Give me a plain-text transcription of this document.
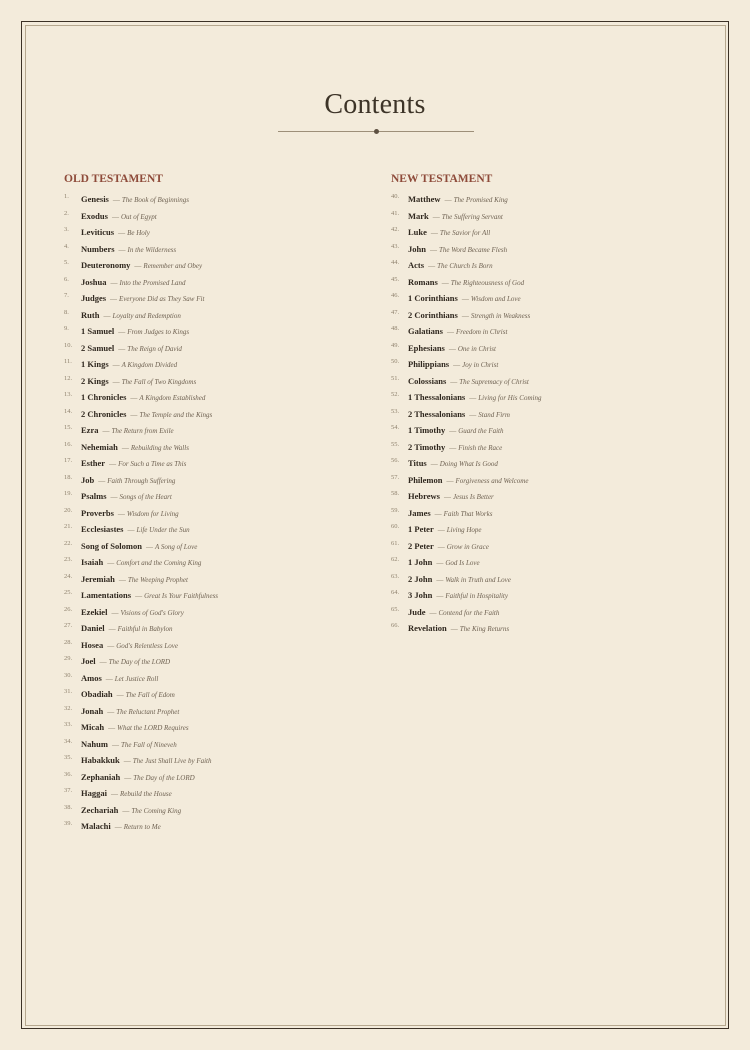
Contents
OLD TESTAMENT
1. Genesis — The Book of Beginnings
2. Exodus — Out of Egypt
3. Leviticus — Be Holy
4. Numbers — In the Wilderness
5. Deuteronomy — Remember and Obey
6. Joshua — Into the Promised Land
7. Judges — Everyone Did as They Saw Fit
8. Ruth — Loyalty and Redemption
9. 1 Samuel — From Judges to Kings
10. 2 Samuel — The Reign of David
11. 1 Kings — A Kingdom Divided
12. 2 Kings — The Fall of Two Kingdoms
13. 1 Chronicles — A Kingdom Established
14. 2 Chronicles — The Temple and the Kings
15. Ezra — The Return from Exile
16. Nehemiah — Rebuilding the Walls
17. Esther — For Such a Time as This
18. Job — Faith Through Suffering
19. Psalms — Songs of the Heart
20. Proverbs — Wisdom for Living
21. Ecclesiastes — Life Under the Sun
22. Song of Solomon — A Song of Love
23. Isaiah — Comfort and the Coming King
24. Jeremiah — The Weeping Prophet
25. Lamentations — Great Is Your Faithfulness
26. Ezekiel — Visions of God's Glory
27. Daniel — Faithful in Babylon
28. Hosea — God's Relentless Love
29. Joel — The Day of the LORD
30. Amos — Let Justice Roll
31. Obadiah — The Fall of Edom
32. Jonah — The Reluctant Prophet
33. Micah — What the LORD Requires
34. Nahum — The Fall of Nineveh
35. Habakkuk — The Just Shall Live by Faith
36. Zephaniah — The Day of the LORD
37. Haggai — Rebuild the House
38. Zechariah — The Coming King
39. Malachi — Return to Me
NEW TESTAMENT
40. Matthew — The Promised King
41. Mark — The Suffering Servant
42. Luke — The Savior for All
43. John — The Word Became Flesh
44. Acts — The Church Is Born
45. Romans — The Righteousness of God
46. 1 Corinthians — Wisdom and Love
47. 2 Corinthians — Strength in Weakness
48. Galatians — Freedom in Christ
49. Ephesians — One in Christ
50. Philippians — Joy in Christ
51. Colossians — The Supremacy of Christ
52. 1 Thessalonians — Living for His Coming
53. 2 Thessalonians — Stand Firm
54. 1 Timothy — Guard the Faith
55. 2 Timothy — Finish the Race
56. Titus — Doing What Is Good
57. Philemon — Forgiveness and Welcome
58. Hebrews — Jesus Is Better
59. James — Faith That Works
60. 1 Peter — Living Hope
61. 2 Peter — Grow in Grace
62. 1 John — God Is Love
63. 2 John — Walk in Truth and Love
64. 3 John — Faithful in Hospitality
65. Jude — Contend for the Faith
66. Revelation — The King Returns
